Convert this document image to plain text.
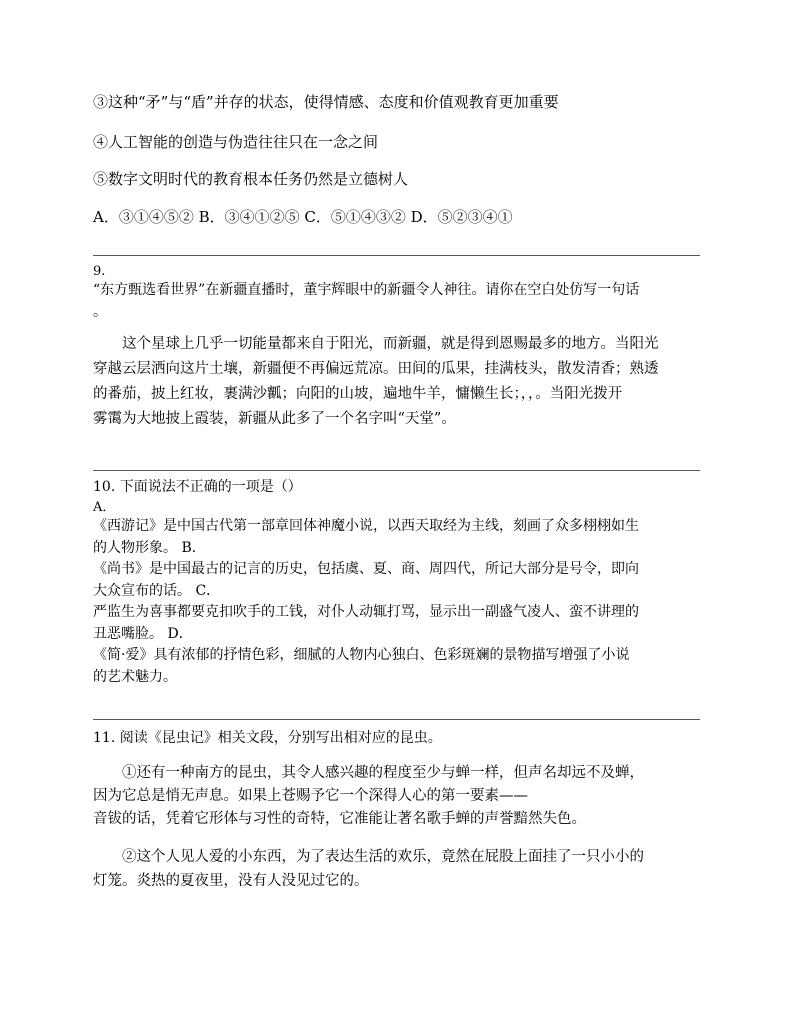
③这种“矛”与“盾”并存的状态，使得情感、态度和价值观教育更加重要
④人工智能的创造与伪造往往只在一念之间
⑤数字文明时代的教育根本任务仍然是立德树人
A．③①④⑤② B．③④①②⑤ C．⑤①④③② D．⑤②③④①
9.
“东方甄选看世界”在新疆直播时，董宇辉眼中的新疆令人神往。请你在空白处仿写一句话
。
　　这个星球上几乎一切能量都来自于阳光，而新疆，就是得到恩赐最多的地方。当阳光
穿越云层洒向这片土壤，新疆便不再偏远荒凉。田间的瓜果，挂满枝头，散发清香；熟透
的番茄，披上红妆，裹满沙瓤；向阳的山坡，遍地牛羊，慵懒生长；，，。当阳光拨开
雾霭为大地披上霞装，新疆从此多了一个名字叫“天堂”。
10. 下面说法不正确的一项是（）
A．
《西游记》是中国古代第一部章回体神魔小说，以西天取经为主线，刻画了众多栩栩如生
的人物形象。 B．
《尚书》是中国最古的记言的历史，包括虞、夏、商、周四代，所记大部分是号令，即向
大众宣布的话。 C．
严监生为喜事都要克扣吹手的工钱，对仆人动辄打骂，显示出一副盛气凌人、蛮不讲理的
丑恶嘴脸。 D．
《简·爱》具有浓郁的抒情色彩，细腻的人物内心独白、色彩斑斓的景物描写增强了小说
的艺术魅力。
11. 阅读《昆虫记》相关文段，分别写出相对应的昆虫。
　　①还有一种南方的昆虫，其令人感兴趣的程度至少与蝉一样，但声名却远不及蝉，
因为它总是悄无声息。如果上苍赐予它一个深得人心的第一要素——
音钹的话，凭着它形体与习性的奇特，它准能让著名歌手蝉的声誉黯然失色。
　　②这个人见人爱的小东西，为了表达生活的欢乐，竟然在屁股上面挂了一只小小的
灯笼。炎热的夏夜里，没有人没见过它的。
